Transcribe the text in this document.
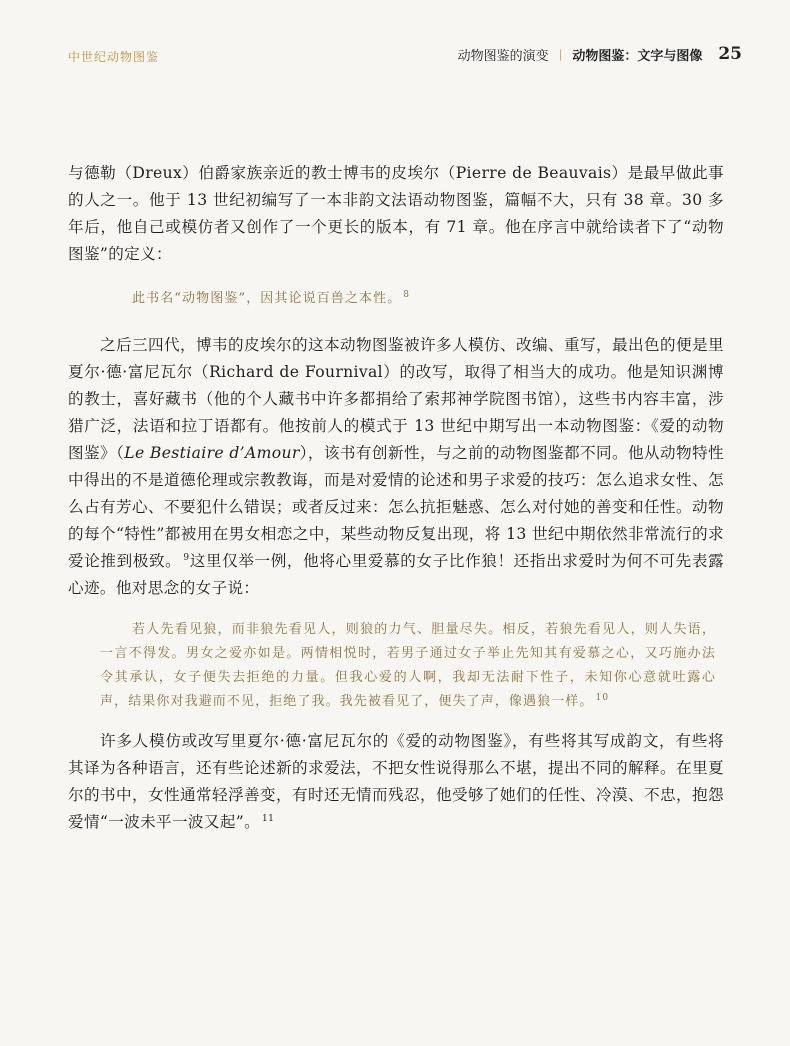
中世纪动物图鉴	动物图鉴的演变 | 动物图鉴：文字与图像 25

与德勒（Dreux）伯爵家族亲近的教士博韦的皮埃尔（Pierre de Beauvais）是最早做此事的人之一。他于 13 世纪初编写了一本非韵文法语动物图鉴，篇幅不大，只有 38 章。30 多年后，他自己或模仿者又创作了一个更长的版本，有 71 章。他在序言中就给读者下了“动物图鉴”的定义：

此书名“动物图鉴”，因其论说百兽之本性。 $^8$

之后三四代，博韦的皮埃尔的这本动物图鉴被许多人模仿、改编、重写，最出色的便是里夏尔·德·富尼瓦尔（Richard de Fournival）的改写，取得了相当大的成功。他是知识渊博的教士，喜好藏书（他的个人藏书中许多都捐给了索邦神学院图书馆），这些书内容丰富，涉猎广泛，法语和拉丁语都有。他按前人的模式于 13 世纪中期写出一本动物图鉴：《爱的动物图鉴》（Le Bestiaire d’Amour），该书有创新性，与之前的动物图鉴都不同。他从动物特性中得出的不是道德伦理或宗教教诲，而是对爱情的论述和男子求爱的技巧：怎么追求女性、怎么占有芳心、不要犯什么错误；或者反过来：怎么抗拒魅惑、怎么对付她的善变和任性。动物的每个“特性”都被用在男女相恋之中，某些动物反复出现，将 13 世纪中期依然非常流行的求爱论推到极致。 $^9$这里仅举一例，他将心里爱慕的女子比作狼！还指出求爱时为何不可先表露心迹。他对思念的女子说：

若人先看见狼，而非狼先看见人，则狼的力气、胆量尽失。相反，若狼先看见人，则人失语，一言不得发。男女之爱亦如是。两情相悦时，若男子通过女子举止先知其有爱慕之心，又巧施办法令其承认，女子便失去拒绝的力量。但我心爱的人啊，我却无法耐下性子，未知你心意就吐露心声，结果你对我避而不见，拒绝了我。我先被看见了，便失了声，像遇狼一样。 $^{10}$

许多人模仿或改写里夏尔·德·富尼瓦尔的《爱的动物图鉴》，有些将其写成韵文，有些将其译为各种语言，还有些论述新的求爱法，不把女性说得那么不堪，提出不同的解释。在里夏尔的书中，女性通常轻浮善变，有时还无情而残忍，他受够了她们的任性、冷漠、不忠，抱怨爱情“一波未平一波又起”。 $^{11}$
